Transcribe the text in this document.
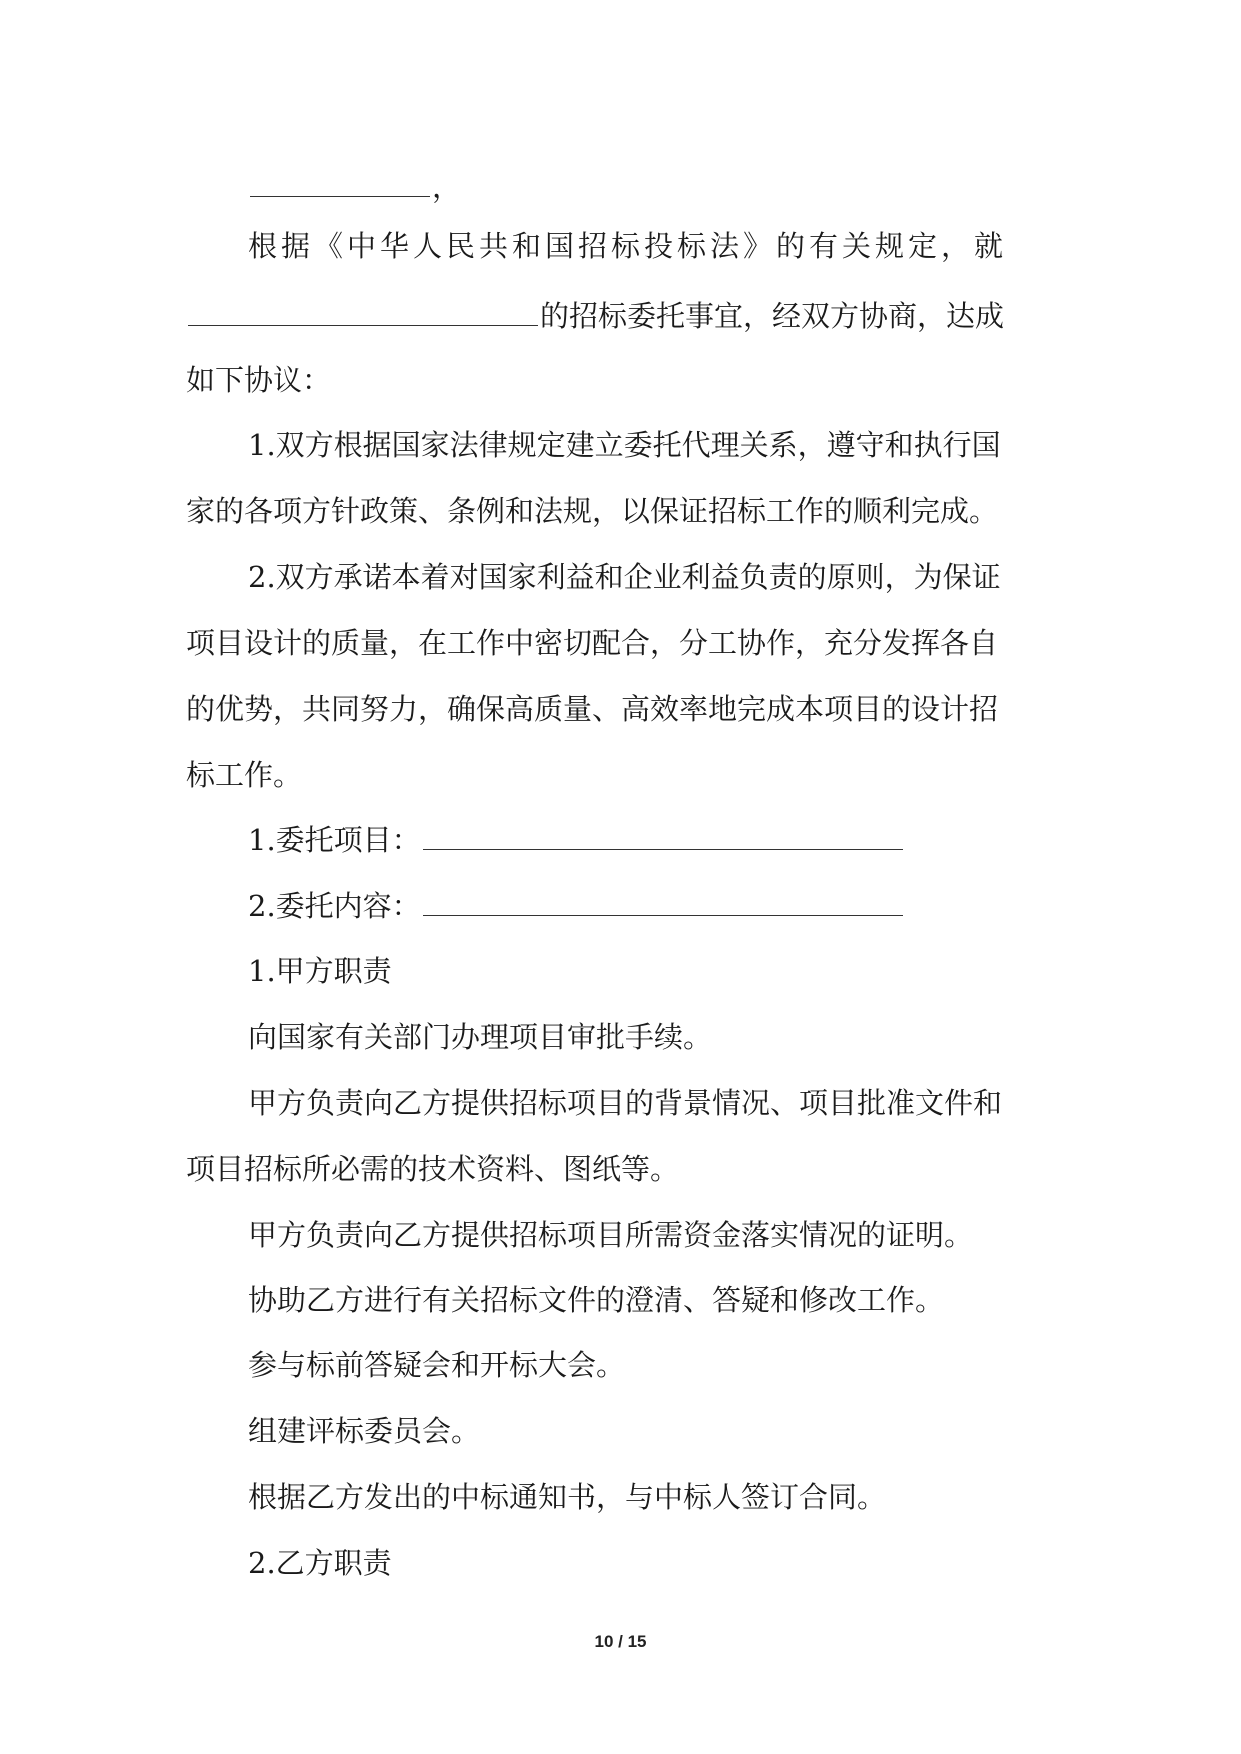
，
根据《中华人民共和国招标投标法》的有关规定，就
的招标委托事宜，经双方协商，达成
如下协议：
1.双方根据国家法律规定建立委托代理关系，遵守和执行国
家的各项方针政策、条例和法规，以保证招标工作的顺利完成。
2.双方承诺本着对国家利益和企业利益负责的原则，为保证
项目设计的质量，在工作中密切配合，分工协作，充分发挥各自
的优势，共同努力，确保高质量、高效率地完成本项目的设计招
标工作。
1.委托项目：
2.委托内容：
1.甲方职责
向国家有关部门办理项目审批手续。
甲方负责向乙方提供招标项目的背景情况、项目批准文件和
项目招标所必需的技术资料、图纸等。
甲方负责向乙方提供招标项目所需资金落实情况的证明。
协助乙方进行有关招标文件的澄清、答疑和修改工作。
参与标前答疑会和开标大会。
组建评标委员会。
根据乙方发出的中标通知书，与中标人签订合同。
2.乙方职责
10 / 15
